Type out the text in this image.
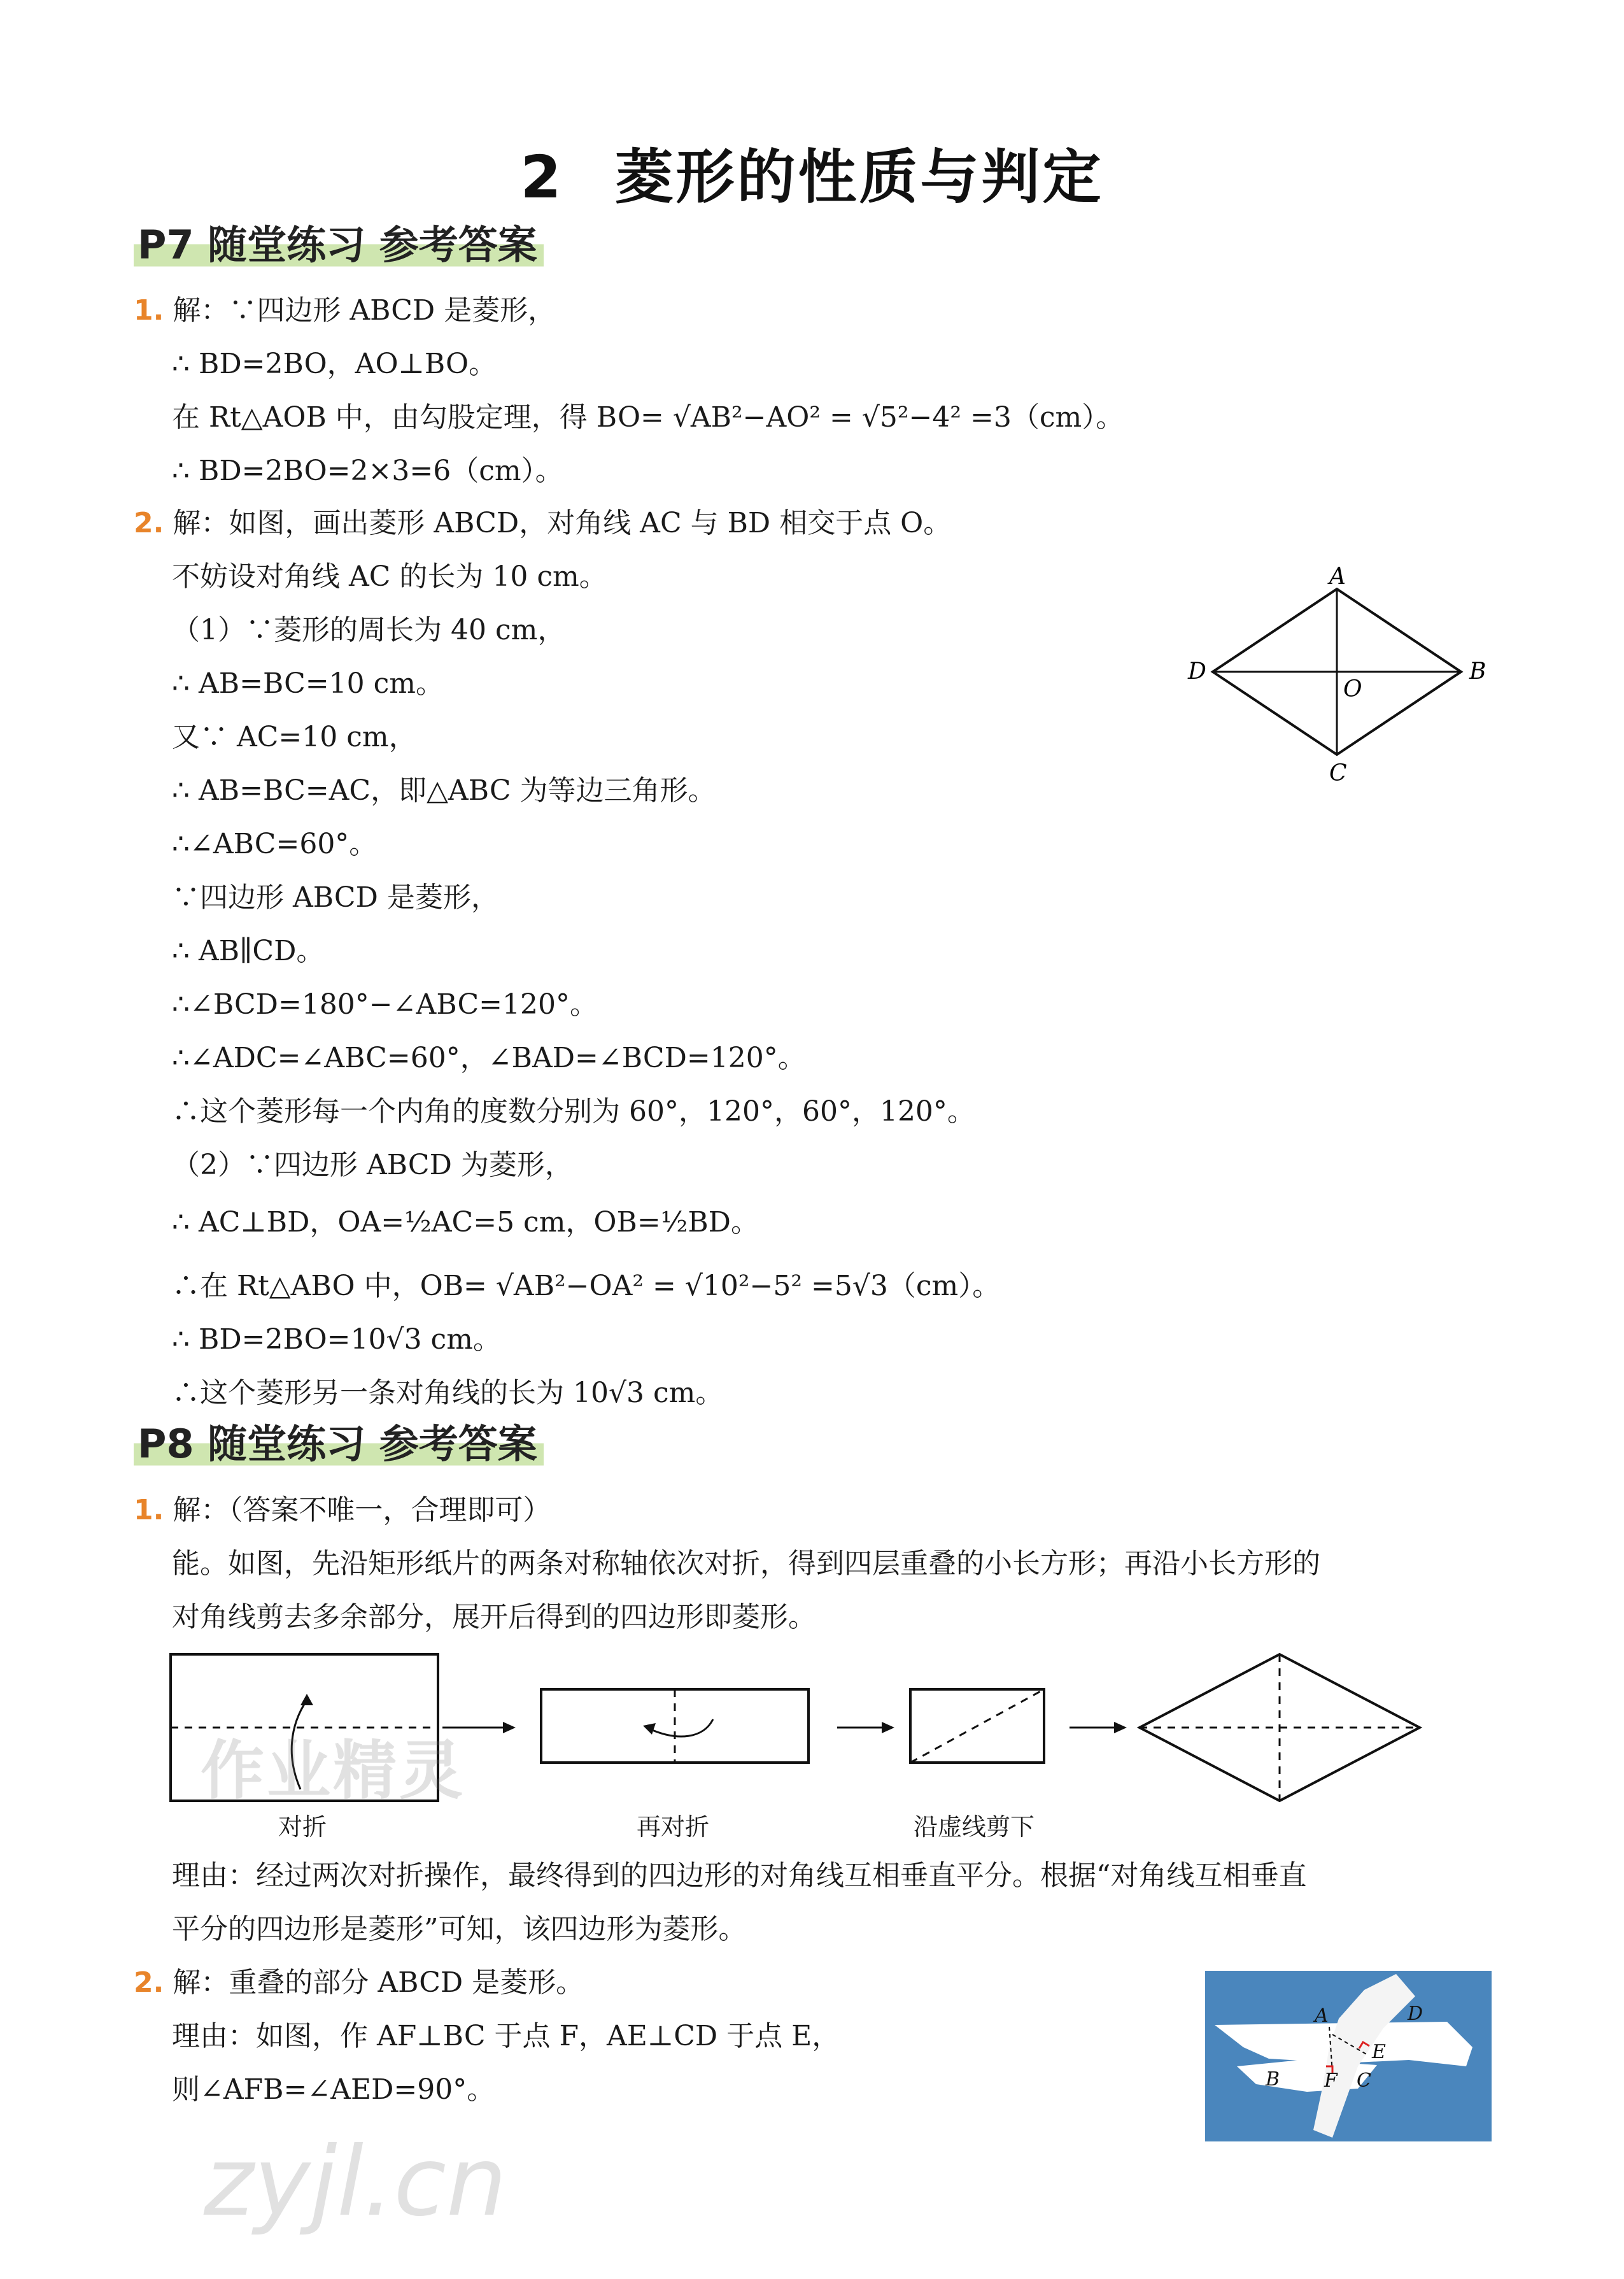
2 菱形的性质与判定
P7 随堂练习 参考答案
1. 解：∵四边形 ABCD 是菱形，
∴ BD=2BO，AO⊥BO。
在 Rt△AOB 中，由勾股定理，得 BO= √AB²−AO² = √5²−4² =3（cm）。
∴ BD=2BO=2×3=6（cm）。
2. 解：如图，画出菱形 ABCD，对角线 AC 与 BD 相交于点 O。
不妨设对角线 AC 的长为 10 cm。
（1）∵菱形的周长为 40 cm，
∴ AB=BC=10 cm。
又∵ AC=10 cm，
∴ AB=BC=AC，即△ABC 为等边三角形。
∴∠ABC=60°。
∵四边形 ABCD 是菱形，
∴ AB∥CD。
∴∠BCD=180°−∠ABC=120°。
∴∠ADC=∠ABC=60°，∠BAD=∠BCD=120°。
∴这个菱形每一个内角的度数分别为 60°，120°，60°，120°。
（2）∵四边形 ABCD 为菱形，
∴ AC⊥BD，OA=½AC=5 cm，OB=½BD。
∴在 Rt△ABO 中，OB= √AB²−OA² = √10²−5² =5√3（cm）。
∴ BD=2BO=10√3 cm。
∴这个菱形另一条对角线的长为 10√3 cm。
A
B
C
D
O
P8 随堂练习 参考答案
1. 解：（答案不唯一，合理即可）
能。如图，先沿矩形纸片的两条对称轴依次对折，得到四层重叠的小长方形；再沿小长方形的
对角线剪去多余部分，展开后得到的四边形即菱形。
对折	再对折	沿虚线剪下
作业精灵
理由：经过两次对折操作，最终得到的四边形的对角线互相垂直平分。根据“对角线互相垂直
平分的四边形是菱形”可知，该四边形为菱形。
2. 解：重叠的部分 ABCD 是菱形。
理由：如图，作 AF⊥BC 于点 F，AE⊥CD 于点 E，
则∠AFB=∠AED=90°。
A	D
E
B F C
zyjl.cn
